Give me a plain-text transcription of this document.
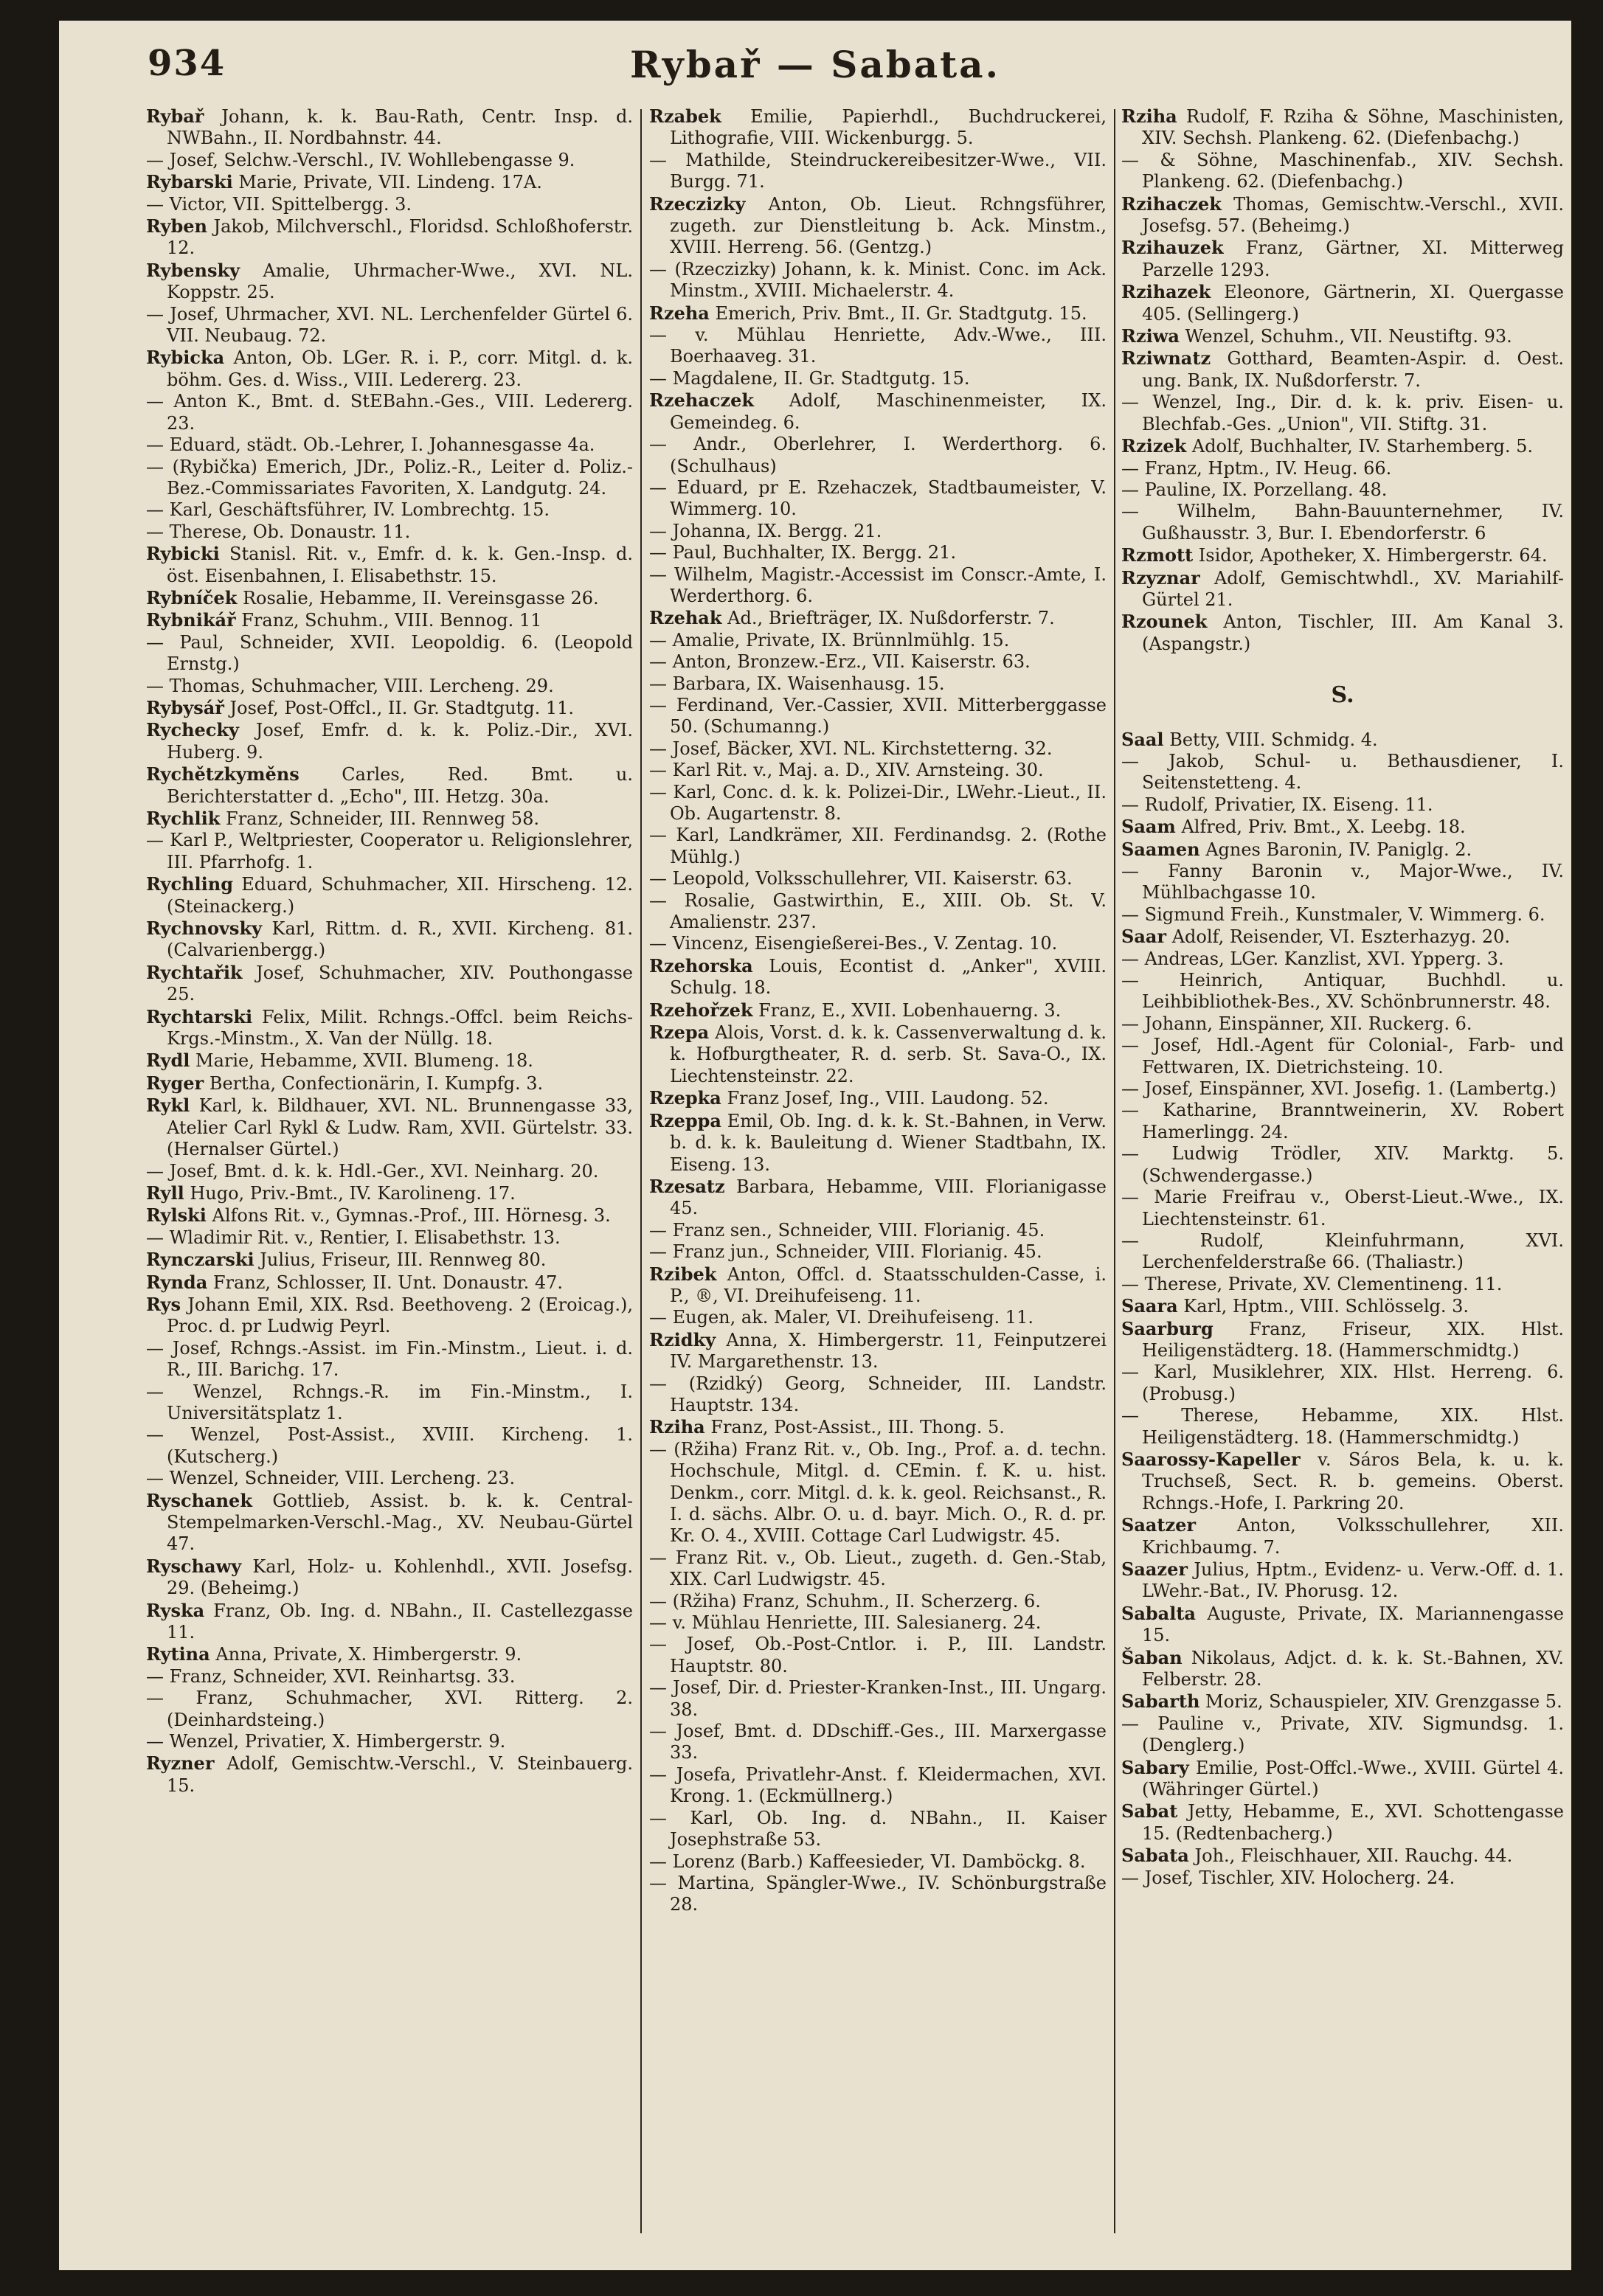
934	Rybař — Sabata.
Rybař Johann, k. k. Bau-Rath, Centr. Insp. d. NWBahn., II. Nordbahnstr. 44.
— Josef, Selchw.-Verschl., IV. Wohllebengasse 9.
Rybarski Marie, Private, VII. Lindeng. 17A.
— Victor, VII. Spittelbergg. 3.
Ryben Jakob, Milchverschl., Floridsd. Schloßhoferstr. 12.
Rybensky Amalie, Uhrmacher-Wwe., XVI. NL. Koppstr. 25.
— Josef, Uhrmacher, XVI. NL. Lerchenfelder Gürtel 6. VII. Neubaug. 72.
Rybicka Anton, Ob. LGer. R. i. P., corr. Mitgl. d. k. böhm. Ges. d. Wiss., VIII. Ledererg. 23.
— Anton K., Bmt. d. StEBahn.-Ges., VIII. Ledererg. 23.
— Eduard, städt. Ob.-Lehrer, I. Johannesgasse 4a.
— (Rybička) Emerich, JDr., Poliz.-R., Leiter d. Poliz.-Bez.-Commissariates Favoriten, X. Landgutg. 24.
— Karl, Geschäftsführer, IV. Lombrechtg. 15.
— Therese, Ob. Donaustr. 11.
Rybicki Stanisl. Rit. v., Emfr. d. k. k. Gen.-Insp. d. öst. Eisenbahnen, I. Elisabethstr. 15.
Rybníček Rosalie, Hebamme, II. Vereinsgasse 26.
Rybnikář Franz, Schuhm., VIII. Bennog. 11
— Paul, Schneider, XVII. Leopoldig. 6. (Leopold Ernstg.)
— Thomas, Schuhmacher, VIII. Lercheng. 29.
Rybysář Josef, Post-Offcl., II. Gr. Stadtgutg. 11.
Rychecky Josef, Emfr. d. k. k. Poliz.-Dir., XVI. Huberg. 9.
Rychětzkyměns Carles, Red. Bmt. u. Berichterstatter d. „Echo", III. Hetzg. 30a.
Rychlik Franz, Schneider, III. Rennweg 58.
— Karl P., Weltpriester, Cooperator u. Religionslehrer, III. Pfarrhofg. 1.
Rychling Eduard, Schuhmacher, XII. Hirscheng. 12. (Steinackerg.)
Rychnovsky Karl, Rittm. d. R., XVII. Kircheng. 81. (Calvarienbergg.)
Rychtařik Josef, Schuhmacher, XIV. Pouthongasse 25.
Rychtarski Felix, Milit. Rchngs.-Offcl. beim Reichs-Krgs.-Minstm., X. Van der Nüllg. 18.
Rydl Marie, Hebamme, XVII. Blumeng. 18.
Ryger Bertha, Confectionärin, I. Kumpfg. 3.
Rykl Karl, k. Bildhauer, XVI. NL. Brunnengasse 33, Atelier Carl Rykl & Ludw. Ram, XVII. Gürtelstr. 33. (Hernalser Gürtel.)
— Josef, Bmt. d. k. k. Hdl.-Ger., XVI. Neinharg. 20.
Ryll Hugo, Priv.-Bmt., IV. Karolineng. 17.
Rylski Alfons Rit. v., Gymnas.-Prof., III. Hörnesg. 3.
— Wladimir Rit. v., Rentier, I. Elisabethstr. 13.
Rynczarski Julius, Friseur, III. Rennweg 80.
Rynda Franz, Schlosser, II. Unt. Donaustr. 47.
Rys Johann Emil, XIX. Rsd. Beethoveng. 2 (Eroicag.), Proc. d. pr Ludwig Peyrl.
— Josef, Rchngs.-Assist. im Fin.-Minstm., Lieut. i. d. R., III. Barichg. 17.
— Wenzel, Rchngs.-R. im Fin.-Minstm., I. Universitätsplatz 1.
— Wenzel, Post-Assist., XVIII. Kircheng. 1. (Kutscherg.)
— Wenzel, Schneider, VIII. Lercheng. 23.
Ryschanek Gottlieb, Assist. b. k. k. Central-Stempelmarken-Verschl.-Mag., XV. Neubau-Gürtel 47.
Ryschawy Karl, Holz- u. Kohlenhdl., XVII. Josefsg. 29. (Beheimg.)
Ryska Franz, Ob. Ing. d. NBahn., II. Castellezgasse 11.
Rytina Anna, Private, X. Himbergerstr. 9.
— Franz, Schneider, XVI. Reinhartsg. 33.
— Franz, Schuhmacher, XVI. Ritterg. 2. (Deinhardsteing.)
— Wenzel, Privatier, X. Himbergerstr. 9.
Ryzner Adolf, Gemischtw.-Verschl., V. Steinbauerg. 15.
Rzabek Emilie, Papierhdl., Buchdruckerei, Lithografie, VIII. Wickenburgg. 5.
— Mathilde, Steindruckereibesitzer-Wwe., VII. Burgg. 71.
Rzeczizky Anton, Ob. Lieut. Rchngsführer, zugeth. zur Dienstleitung b. Ack. Minstm., XVIII. Herreng. 56. (Gentzg.)
— (Rzeczizky) Johann, k. k. Minist. Conc. im Ack. Minstm., XVIII. Michaelerstr. 4.
Rzeha Emerich, Priv. Bmt., II. Gr. Stadtgutg. 15.
— v. Mühlau Henriette, Adv.-Wwe., III. Boerhaaveg. 31.
— Magdalene, II. Gr. Stadtgutg. 15.
Rzehaczek Adolf, Maschinenmeister, IX. Gemeindeg. 6.
— Andr., Oberlehrer, I. Werderthorg. 6. (Schulhaus)
— Eduard, pr E. Rzehaczek, Stadtbaumeister, V. Wimmerg. 10.
— Johanna, IX. Bergg. 21.
— Paul, Buchhalter, IX. Bergg. 21.
— Wilhelm, Magistr.-Accessist im Conscr.-Amte, I. Werderthorg. 6.
Rzehak Ad., Briefträger, IX. Nußdorferstr. 7.
— Amalie, Private, IX. Brünnlmühlg. 15.
— Anton, Bronzew.-Erz., VII. Kaiserstr. 63.
— Barbara, IX. Waisenhausg. 15.
— Ferdinand, Ver.-Cassier, XVII. Mitterberggasse 50. (Schumanng.)
— Josef, Bäcker, XVI. NL. Kirchstetterng. 32.
— Karl Rit. v., Maj. a. D., XIV. Arnsteing. 30.
— Karl, Conc. d. k. k. Polizei-Dir., LWehr.-Lieut., II. Ob. Augartenstr. 8.
— Karl, Landkrämer, XII. Ferdinandsg. 2. (Rothe Mühlg.)
— Leopold, Volksschullehrer, VII. Kaiserstr. 63.
— Rosalie, Gastwirthin, E., XIII. Ob. St. V. Amalienstr. 237.
— Vincenz, Eisengießerei-Bes., V. Zentag. 10.
Rzehorska Louis, Econtist d. „Anker", XVIII. Schulg. 18.
Rzehořzek Franz, E., XVII. Lobenhauerng. 3.
Rzepa Alois, Vorst. d. k. k. Cassenverwaltung d. k. k. Hofburgtheater, R. d. serb. St. Sava-O., IX. Liechtensteinstr. 22.
Rzepka Franz Josef, Ing., VIII. Laudong. 52.
Rzeppa Emil, Ob. Ing. d. k. k. St.-Bahnen, in Verw. b. d. k. k. Bauleitung d. Wiener Stadtbahn, IX. Eiseng. 13.
Rzesatz Barbara, Hebamme, VIII. Florianigasse 45.
— Franz sen., Schneider, VIII. Florianig. 45.
— Franz jun., Schneider, VIII. Florianig. 45.
Rzibek Anton, Offcl. d. Staatsschulden-Casse, i. P., ®, VI. Dreihufeiseng. 11.
— Eugen, ak. Maler, VI. Dreihufeiseng. 11.
Rzidky Anna, X. Himbergerstr. 11, Feinputzerei IV. Margarethenstr. 13.
— (Rzidký) Georg, Schneider, III. Landstr. Hauptstr. 134.
Rziha Franz, Post-Assist., III. Thong. 5.
— (Ržiha) Franz Rit. v., Ob. Ing., Prof. a. d. techn. Hochschule, Mitgl. d. CEmin. f. K. u. hist. Denkm., corr. Mitgl. d. k. k. geol. Reichsanst., R. I. d. sächs. Albr. O. u. d. bayr. Mich. O., R. d. pr. Kr. O. 4., XVIII. Cottage Carl Ludwigstr. 45.
— Franz Rit. v., Ob. Lieut., zugeth. d. Gen.-Stab, XIX. Carl Ludwigstr. 45.
— (Ržiha) Franz, Schuhm., II. Scherzerg. 6.
— v. Mühlau Henriette, III. Salesianerg. 24.
— Josef, Ob.-Post-Cntlor. i. P., III. Landstr. Hauptstr. 80.
— Josef, Dir. d. Priester-Kranken-Inst., III. Ungarg. 38.
— Josef, Bmt. d. DDschiff.-Ges., III. Marxergasse 33.
— Josefa, Privatlehr-Anst. f. Kleidermachen, XVI. Krong. 1. (Eckmüllnerg.)
— Karl, Ob. Ing. d. NBahn., II. Kaiser Josephstraße 53.
— Lorenz (Barb.) Kaffeesieder, VI. Damböckg. 8.
— Martina, Spängler-Wwe., IV. Schönburgstraße 28.
Rziha Rudolf, F. Rziha & Söhne, Maschinisten, XIV. Sechsh. Plankeng. 62. (Diefenbachg.)
— & Söhne, Maschinenfab., XIV. Sechsh. Plankeng. 62. (Diefenbachg.)
Rzihaczek Thomas, Gemischtw.-Verschl., XVII. Josefsg. 57. (Beheimg.)
Rzihauzek Franz, Gärtner, XI. Mitterweg Parzelle 1293.
Rzihazek Eleonore, Gärtnerin, XI. Quergasse 405. (Sellingerg.)
Rziwa Wenzel, Schuhm., VII. Neustiftg. 93.
Rziwnatz Gotthard, Beamten-Aspir. d. Oest. ung. Bank, IX. Nußdorferstr. 7.
— Wenzel, Ing., Dir. d. k. k. priv. Eisen- u. Blechfab.-Ges. „Union", VII. Stiftg. 31.
Rzizek Adolf, Buchhalter, IV. Starhemberg. 5.
— Franz, Hptm., IV. Heug. 66.
— Pauline, IX. Porzellang. 48.
— Wilhelm, Bahn-Bauunternehmer, IV. Gußhausstr. 3, Bur. I. Ebendorferstr. 6
Rzmott Isidor, Apotheker, X. Himbergerstr. 64.
Rzyznar Adolf, Gemischtwhdl., XV. Mariahilf-Gürtel 21.
Rzounek Anton, Tischler, III. Am Kanal 3. (Aspangstr.)
S.
Saal Betty, VIII. Schmidg. 4.
— Jakob, Schul- u. Bethausdiener, I. Seitenstetteng. 4.
— Rudolf, Privatier, IX. Eiseng. 11.
Saam Alfred, Priv. Bmt., X. Leebg. 18.
Saamen Agnes Baronin, IV. Paniglg. 2.
— Fanny Baronin v., Major-Wwe., IV. Mühlbachgasse 10.
— Sigmund Freih., Kunstmaler, V. Wimmerg. 6.
Saar Adolf, Reisender, VI. Eszterhazyg. 20.
— Andreas, LGer. Kanzlist, XVI. Ypperg. 3.
— Heinrich, Antiquar, Buchhdl. u. Leihbibliothek-Bes., XV. Schönbrunnerstr. 48.
— Johann, Einspänner, XII. Ruckerg. 6.
— Josef, Hdl.-Agent für Colonial-, Farb- und Fettwaren, IX. Dietrichsteing. 10.
— Josef, Einspänner, XVI. Josefig. 1. (Lambertg.)
— Katharine, Branntweinerin, XV. Robert Hamerlingg. 24.
— Ludwig Trödler, XIV. Marktg. 5. (Schwendergasse.)
— Marie Freifrau v., Oberst-Lieut.-Wwe., IX. Liechtensteinstr. 61.
— Rudolf, Kleinfuhrmann, XVI. Lerchenfelderstraße 66. (Thaliastr.)
— Therese, Private, XV. Clementineng. 11.
Saara Karl, Hptm., VIII. Schlösselg. 3.
Saarburg Franz, Friseur, XIX. Hlst. Heiligenstädterg. 18. (Hammerschmidtg.)
— Karl, Musiklehrer, XIX. Hlst. Herreng. 6. (Probusg.)
— Therese, Hebamme, XIX. Hlst. Heiligenstädterg. 18. (Hammerschmidtg.)
Saarossy-Kapeller v. Sáros Bela, k. u. k. Truchseß, Sect. R. b. gemeins. Oberst. Rchngs.-Hofe, I. Parkring 20.
Saatzer Anton, Volksschullehrer, XII. Krichbaumg. 7.
Saazer Julius, Hptm., Evidenz- u. Verw.-Off. d. 1. LWehr.-Bat., IV. Phorusg. 12.
Sabalta Auguste, Private, IX. Mariannengasse 15.
Šaban Nikolaus, Adjct. d. k. k. St.-Bahnen, XV. Felberstr. 28.
Sabarth Moriz, Schauspieler, XIV. Grenzgasse 5.
— Pauline v., Private, XIV. Sigmundsg. 1. (Denglerg.)
Sabary Emilie, Post-Offcl.-Wwe., XVIII. Gürtel 4. (Währinger Gürtel.)
Sabat Jetty, Hebamme, E., XVI. Schottengasse 15. (Redtenbacherg.)
Sabata Joh., Fleischhauer, XII. Rauchg. 44.
— Josef, Tischler, XIV. Holocherg. 24.
